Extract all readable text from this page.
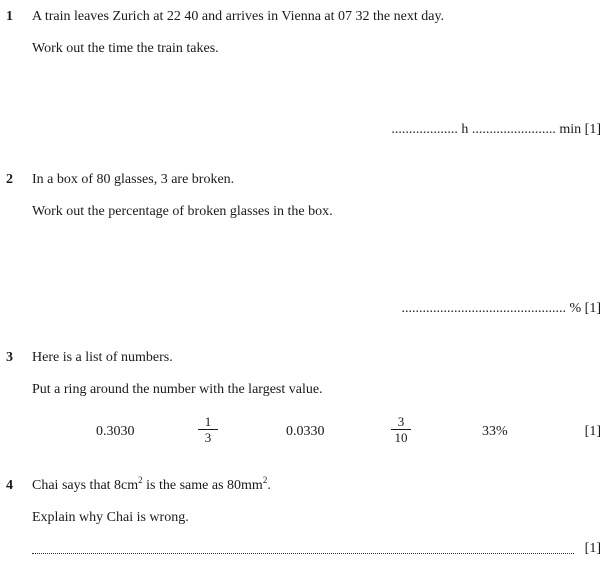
1 A train leaves Zurich at 22 40 and arrives in Vienna at 07 32 the next day.
Work out the time the train takes.
................... h ........................ min [1]
2 In a box of 80 glasses, 3 are broken.
Work out the percentage of broken glasses in the box.
............................................... % [1]
3 Here is a list of numbers.
Put a ring around the number with the largest value.
0.3030
1
3	0.0330
3
10	33%	[1]
4 Chai says that $8cm^2$ is the same as $80mm^2$.
Explain why Chai is wrong.
[1]
